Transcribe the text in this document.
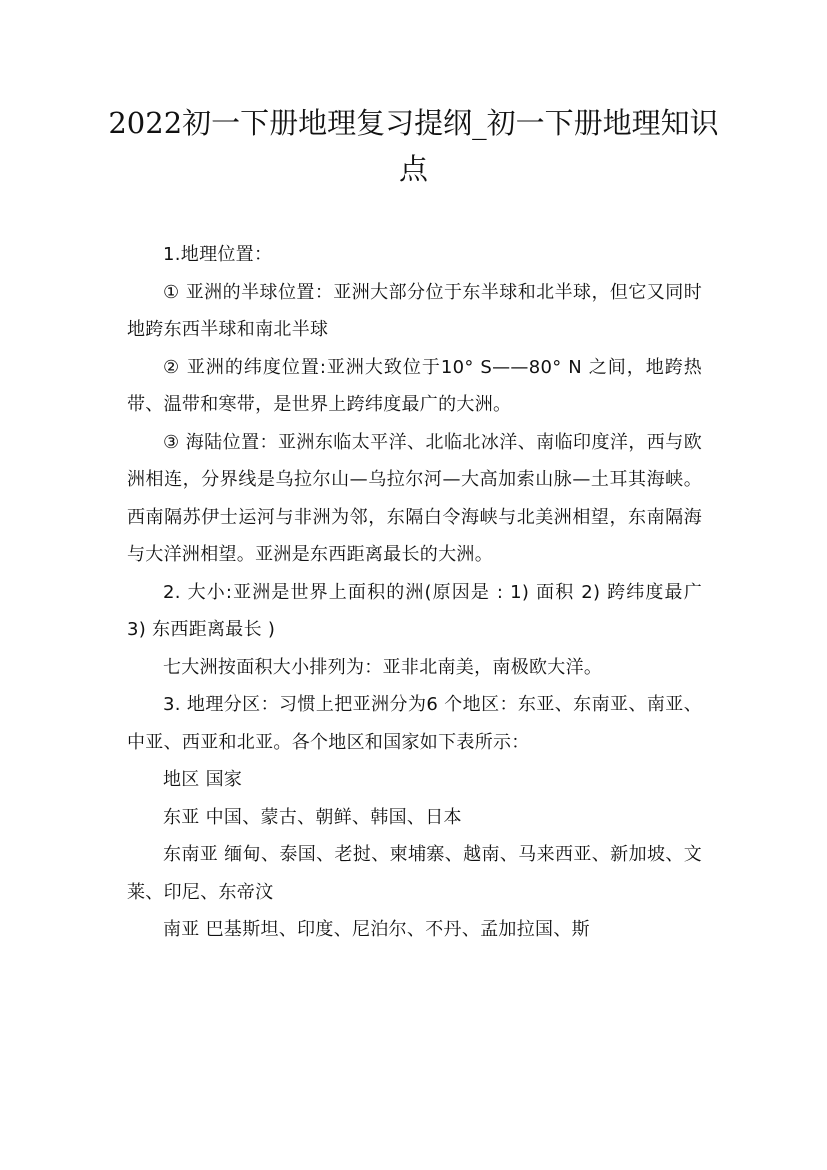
2022初一下册地理复习提纲_初一下册地理知识点

1.地理位置：

① 亚洲的半球位置：亚洲大部分位于东半球和北半球，但它又同时地跨东西半球和南北半球

② 亚洲的纬度位置:亚洲大致位于10° S——80° N 之间，地跨热带、温带和寒带，是世界上跨纬度最广的大洲。

③ 海陆位置：亚洲东临太平洋、北临北冰洋、南临印度洋，西与欧洲相连，分界线是乌拉尔山—乌拉尔河—大高加索山脉—土耳其海峡。西南隔苏伊士运河与非洲为邻，东隔白令海峡与北美洲相望，东南隔海与大洋洲相望。亚洲是东西距离最长的大洲。

2. 大小:亚洲是世界上面积的洲(原因是 : 1) 面积 2) 跨纬度最广 3) 东西距离最长 )

七大洲按面积大小排列为：亚非北南美，南极欧大洋。

3. 地理分区：习惯上把亚洲分为6 个地区：东亚、东南亚、南亚、中亚、西亚和北亚。各个地区和国家如下表所示：

地区 国家

东亚 中国、蒙古、朝鲜、韩国、日本

东南亚 缅甸、泰国、老挝、柬埔寨、越南、马来西亚、新加坡、文莱、印尼、东帝汶

南亚 巴基斯坦、印度、尼泊尔、不丹、孟加拉国、斯
